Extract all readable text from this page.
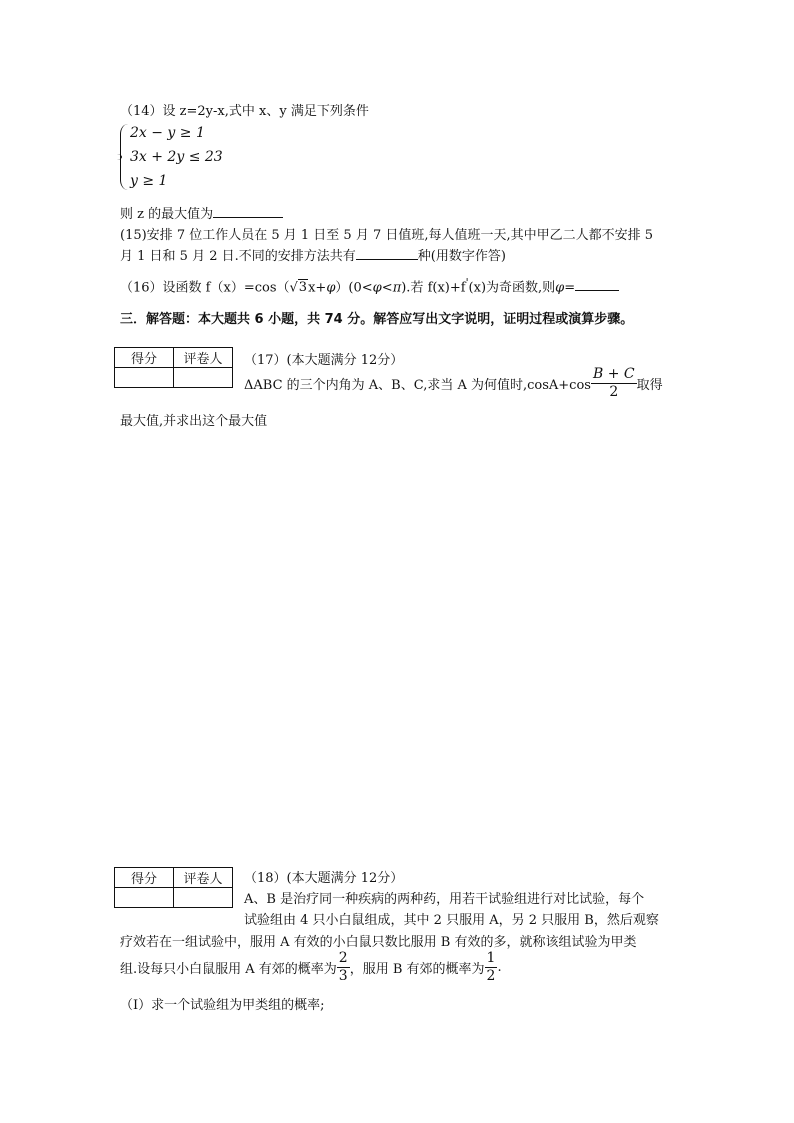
（14）设 z=2y-x,式中 x、y 满足下列条件
2x − y ≥ 1
3x + 2y ≤ 23
y ≥ 1
则 z 的最大值为
(15)安排 7 位工作人员在 5 月 1 日至 5 月 7 日值班,每人值班一天,其中甲乙二人都不安排 5
月 1 日和 5 月 2 日.不同的安排方法共有	种(用数字作答)
（16）设函数 f（x）=cos（√3x+φ）(0<φ<π).若 f(x)+f'(x)为奇函数,则φ=
三．解答题：本大题共 6 小题，共 74 分。解答应写出文字说明，证明过程或演算步骤。
得分	评卷人
	（17）(本大题满分 12分）
ΔABC 的三个内角为 A、B、C,求当 A 为何值时$,\cos A+\cos \frac{B + C}{2}$ 取得
最大值,并求出这个最大值
得分	评卷人
	（18）(本大题满分 12分）
A、B 是治疗同一种疾病的两种药，用若干试验组进行对比试验，每个
试验组由 4 只小白鼠组成，其中 2 只服用 A，另 2 只服用 B，然后观察
疗效若在一组试验中，服用 A 有效的小白鼠只数比服用 B 有效的多，就称该组试验为甲类
组.设每只小白鼠服用 A 有郊的概率为 $\frac{2}{3}$ ，服用 B 有郊的概率为 $\frac{1}{2}$ .
（Ⅰ）求一个试验组为甲类组的概率;
